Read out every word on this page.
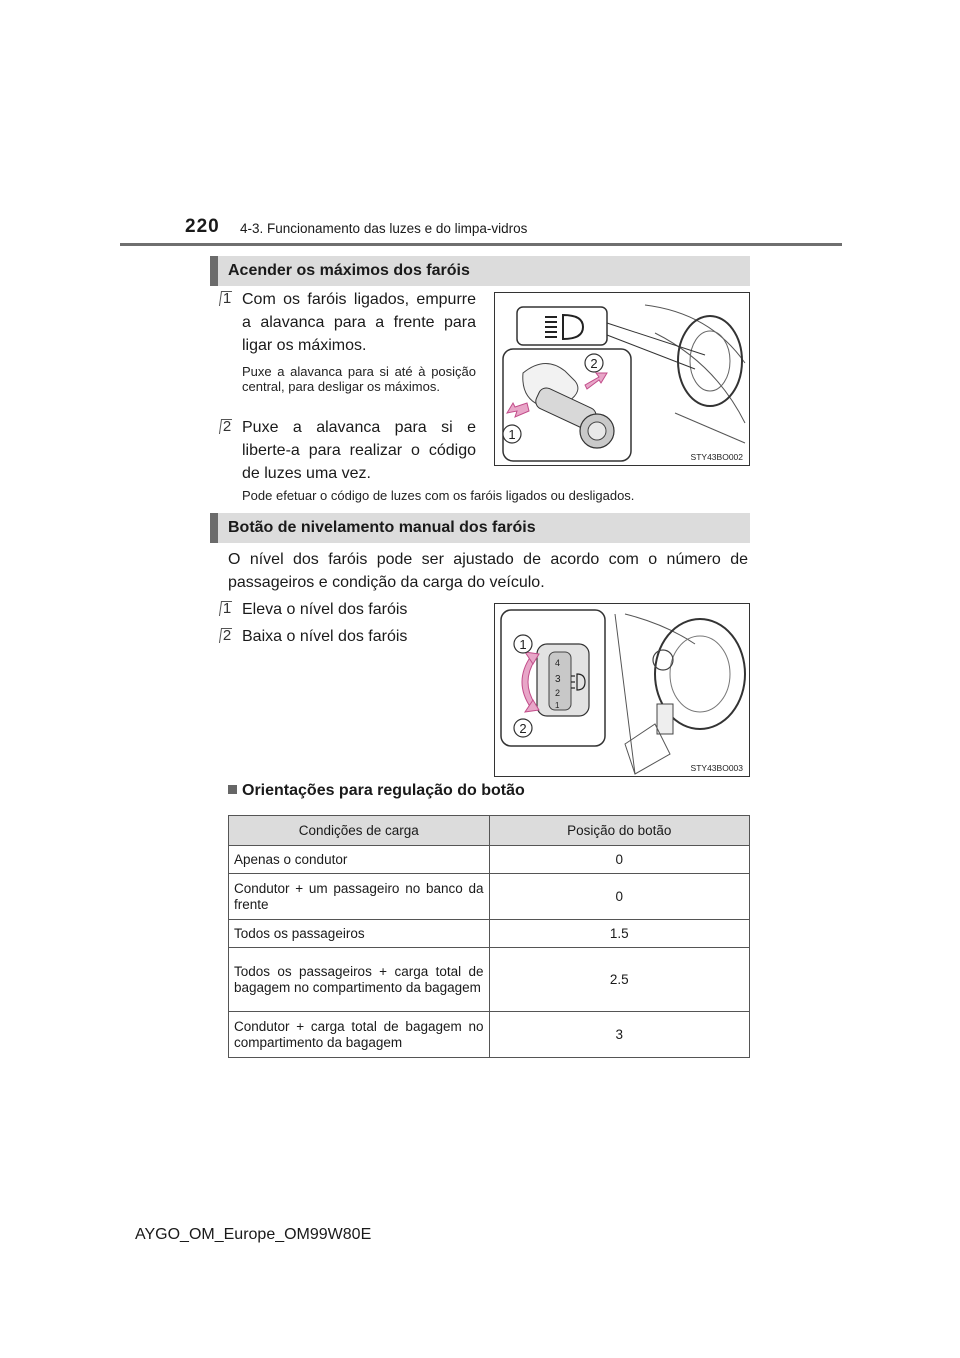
220 4-3. Funcionamento das luzes e do limpa-vidros
Acender os máximos dos faróis
1 Com os faróis ligados, empurre a alavanca para a frente para ligar os máximos.
Puxe a alavanca para si até à posição central, para desligar os máximos.
2 Puxe a alavanca para si e liberte-a para realizar o código de luzes uma vez.
Pode efetuar o código de luzes com os faróis ligados ou desligados.
2
1
STY43BO002
Botão de nivelamento manual dos faróis
O nível dos faróis pode ser ajustado de acordo com o número de passageiros e condição da carga do veículo.
1 Eleva o nível dos faróis
2 Baixa o nível dos faróis
4
3
2
1
1
2
STY43BO003
Orientações para regulação do botão
Condições de carga	Posição do botão
Apenas o condutor	0
Condutor + um passageiro no banco da frente	0
Todos os passageiros	1.5
Todos os passageiros + carga total de bagagem no compartimento da bagagem	2.5
Condutor + carga total de bagagem no compartimento da bagagem	3
AYGO_OM_Europe_OM99W80E
